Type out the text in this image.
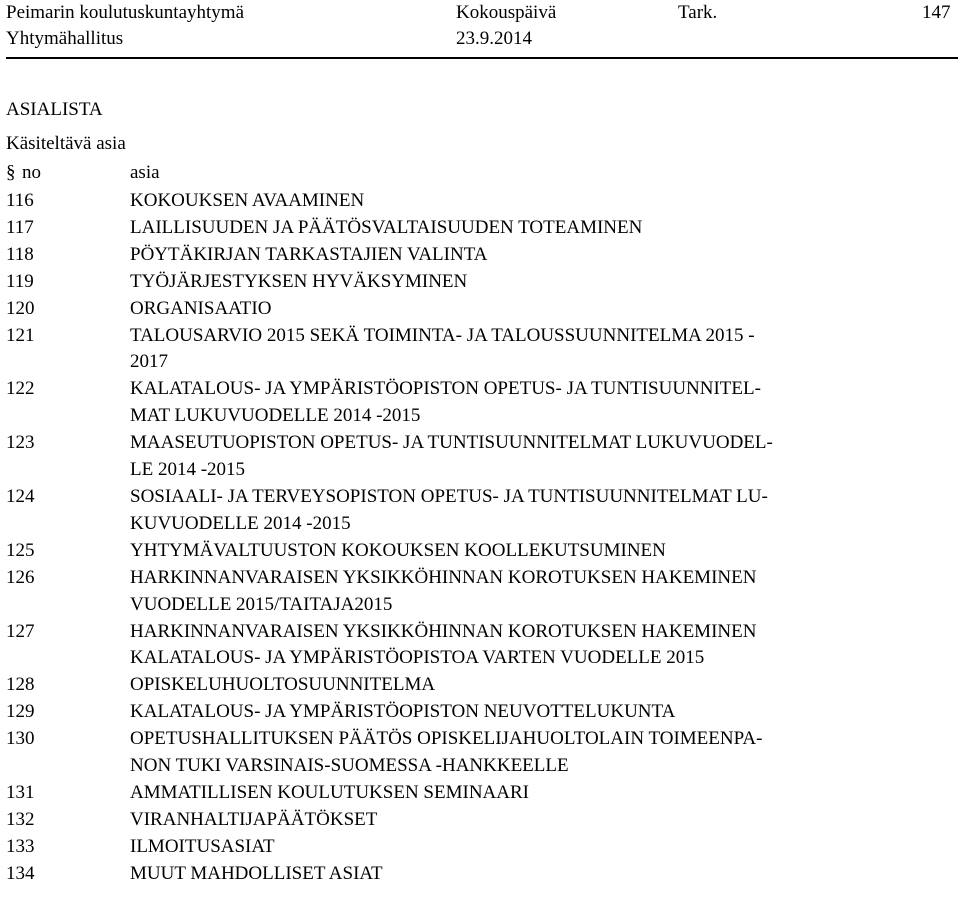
Peimarin koulutuskuntayhtymä	Kokouspäivä	Tark.	147
Yhtymähallitus	23.9.2014
ASIALISTA
Käsiteltävä asia
§ no	asia
116	KOKOUKSEN AVAAMINEN
117	LAILLISUUDEN JA PÄÄTÖSVALTAISUUDEN TOTEAMINEN
118	PÖYTÄKIRJAN TARKASTAJIEN VALINTA
119	TYÖJÄRJESTYKSEN HYVÄKSYMINEN
120	ORGANISAATIO
121	TALOUSARVIO 2015 SEKÄ TOIMINTA- JA TALOUSSUUNNITELMA 2015 -
2017
122	KALATALOUS- JA YMPÄRISTÖOPISTON OPETUS- JA TUNTISUUNNITEL-
MAT LUKUVUODELLE 2014 -2015
123	MAASEUTUOPISTON OPETUS- JA TUNTISUUNNITELMAT LUKUVUODEL-
LE 2014 -2015
124	SOSIAALI- JA TERVEYSOPISTON OPETUS- JA TUNTISUUNNITELMAT LU-
KUVUODELLE 2014 -2015
125	YHTYMÄVALTUUSTON KOKOUKSEN KOOLLEKUTSUMINEN
126	HARKINNANVARAISEN YKSIKKÖHINNAN KOROTUKSEN HAKEMINEN
VUODELLE 2015/TAITAJA2015
127	HARKINNANVARAISEN YKSIKKÖHINNAN KOROTUKSEN HAKEMINEN
KALATALOUS- JA YMPÄRISTÖOPISTOA VARTEN VUODELLE 2015
128	OPISKELUHUOLTOSUUNNITELMA
129	KALATALOUS- JA YMPÄRISTÖOPISTON NEUVOTTELUKUNTA
130	OPETUSHALLITUKSEN PÄÄTÖS OPISKELIJAHUOLTOLAIN TOIMEENPA-
NON TUKI VARSINAIS-SUOMESSA -HANKKEELLE
131	AMMATILLISEN KOULUTUKSEN SEMINAARI
132	VIRANHALTIJAPÄÄTÖKSET
133	ILMOITUSASIAT
134	MUUT MAHDOLLISET ASIAT
